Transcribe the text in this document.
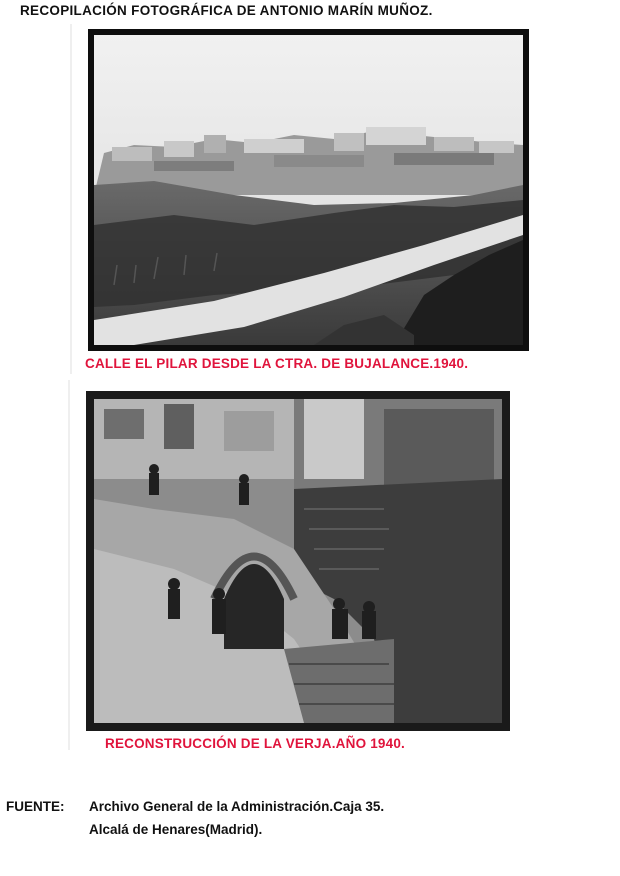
RECOPILACIÓN FOTOGRÁFICA DE ANTONIO MARÍN MUÑOZ.
CALLE EL PILAR DESDE LA CTRA. DE BUJALANCE.1940.
RECONSTRUCCIÓN DE LA VERJA.AÑO 1940.
FUENTE: Archivo General de la Administración.Caja 35.
Alcalá de Henares(Madrid).
